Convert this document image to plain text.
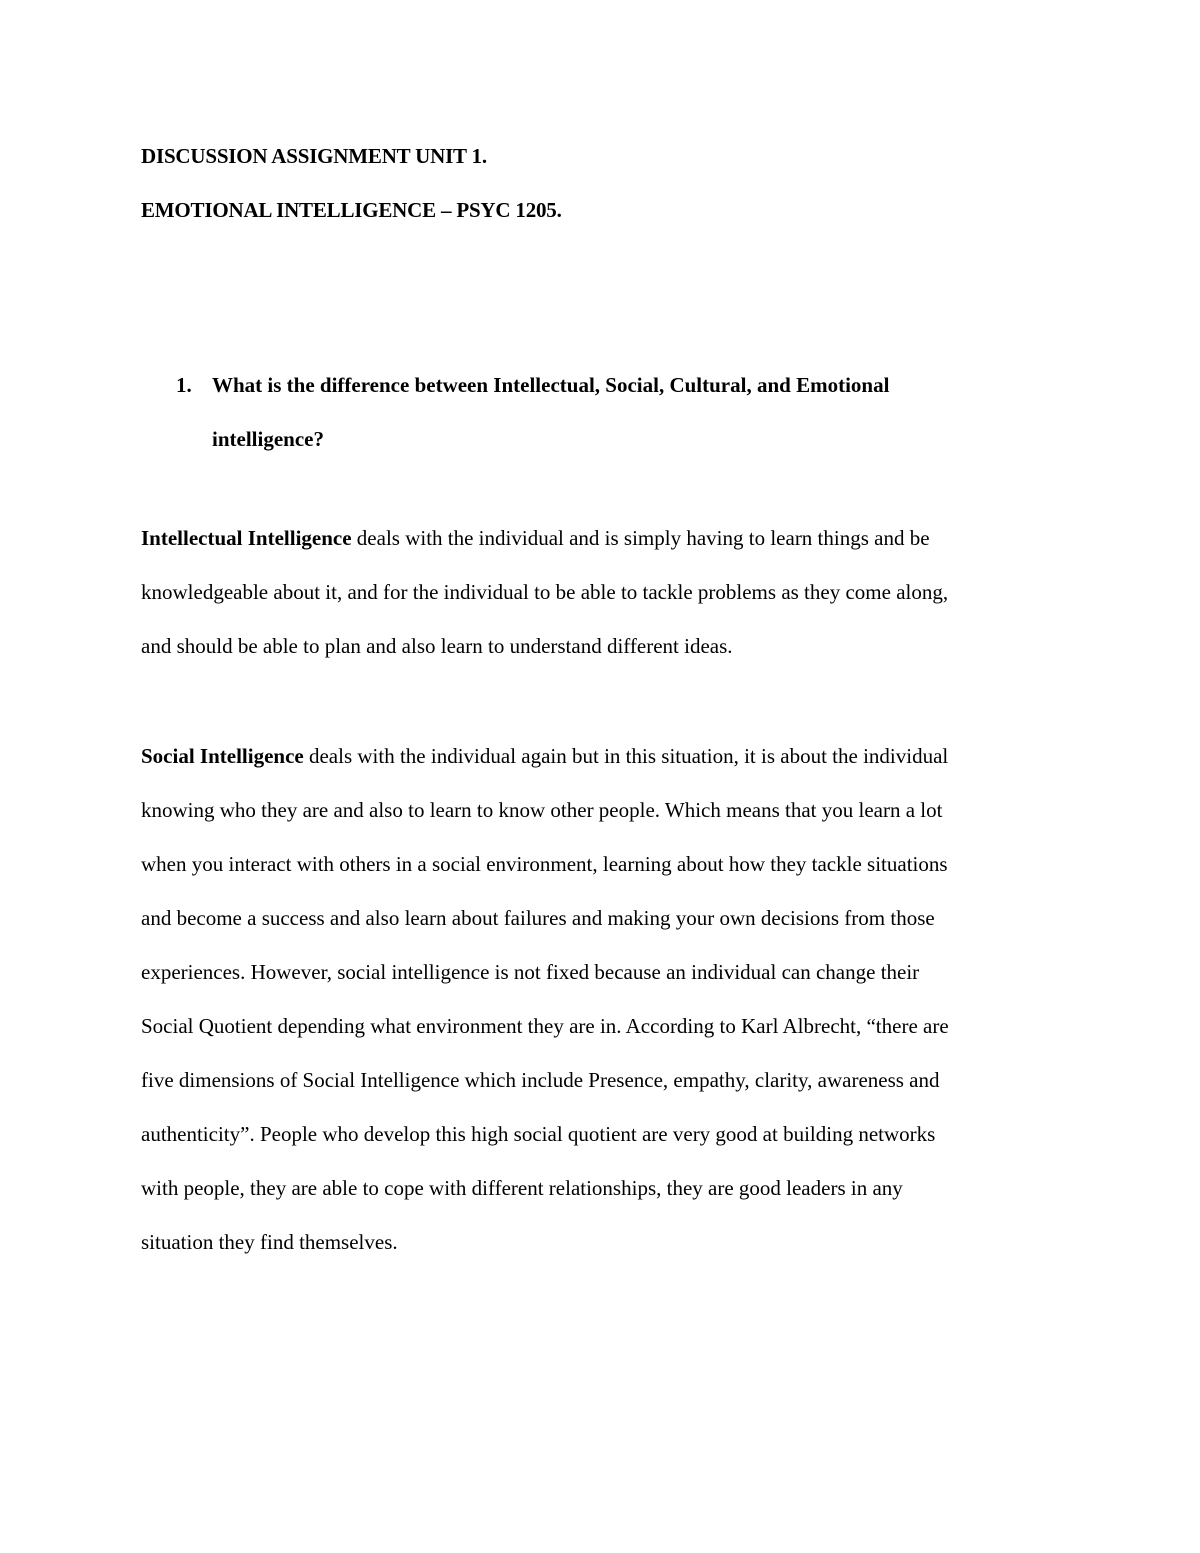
DISCUSSION ASSIGNMENT UNIT 1.
EMOTIONAL INTELLIGENCE – PSYC 1205.
1. What is the difference between Intellectual, Social, Cultural, and Emotional
intelligence?
Intellectual Intelligence deals with the individual and is simply having to learn things and be
knowledgeable about it, and for the individual to be able to tackle problems as they come along,
and should be able to plan and also learn to understand different ideas.
Social Intelligence deals with the individual again but in this situation, it is about the individual
knowing who they are and also to learn to know other people. Which means that you learn a lot
when you interact with others in a social environment, learning about how they tackle situations
and become a success and also learn about failures and making your own decisions from those
experiences. However, social intelligence is not fixed because an individual can change their
Social Quotient depending what environment they are in. According to Karl Albrecht, “there are
five dimensions of Social Intelligence which include Presence, empathy, clarity, awareness and
authenticity”. People who develop this high social quotient are very good at building networks
with people, they are able to cope with different relationships, they are good leaders in any
situation they find themselves.
